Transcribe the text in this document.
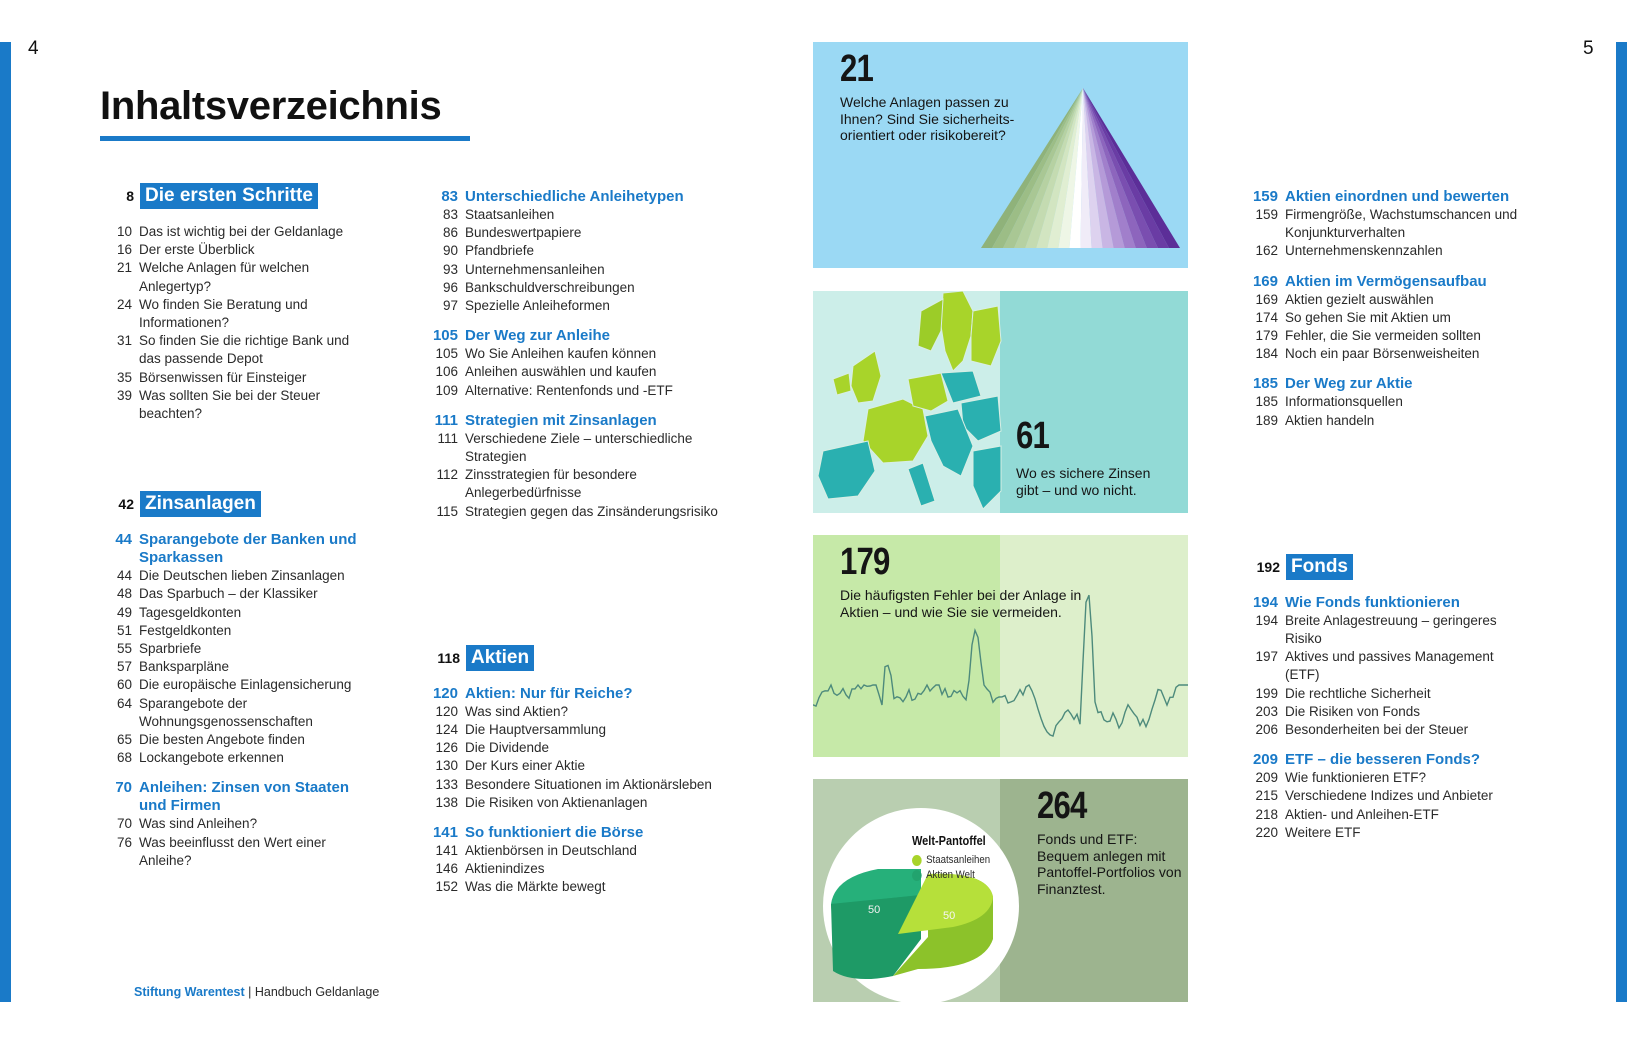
4	5
Inhaltsverzeichnis
8 Die ersten Schritte
10 Das ist wichtig bei der Geldanlage
16 Der erste Überblick
21 Welche Anlagen für welchen Anlegertyp?
24 Wo finden Sie Beratung und Informationen?
31 So finden Sie die richtige Bank und das passende Depot
35 Börsenwissen für Einsteiger
39 Was sollten Sie bei der Steuer beachten?
42 Zinsanlagen
44 Sparangebote der Banken und Sparkassen
44 Die Deutschen lieben Zinsanlagen
48 Das Sparbuch – der Klassiker
49 Tagesgeldkonten
51 Festgeldkonten
55 Sparbriefe
57 Banksparpläne
60 Die europäische Einlagensicherung
64 Sparangebote der Wohnungsgenossenschaften
65 Die besten Angebote finden
68 Lockangebote erkennen
70 Anleihen: Zinsen von Staaten und Firmen
70 Was sind Anleihen?
76 Was beeinflusst den Wert einer Anleihe?
83 Unterschiedliche Anleihetypen
83 Staatsanleihen
86 Bundeswertpapiere
90 Pfandbriefe
93 Unternehmensanleihen
96 Bankschuldverschreibungen
97 Spezielle Anleiheformen
105 Der Weg zur Anleihe
105 Wo Sie Anleihen kaufen können
106 Anleihen auswählen und kaufen
109 Alternative: Rentenfonds und -ETF
111 Strategien mit Zinsanlagen
111 Verschiedene Ziele – unterschiedliche Strategien
112 Zinsstrategien für besondere Anlegerbedürfnisse
115 Strategien gegen das Zinsänderungsrisiko
118 Aktien
120 Aktien: Nur für Reiche?
120 Was sind Aktien?
124 Die Hauptversammlung
126 Die Dividende
130 Der Kurs einer Aktie
133 Besondere Situationen im Aktionärsleben
138 Die Risiken von Aktienanlagen
141 So funktioniert die Börse
141 Aktienbörsen in Deutschland
146 Aktienindizes
152 Was die Märkte bewegt
159 Aktien einordnen und bewerten
159 Firmengröße, Wachstumschancen und Konjunkturverhalten
162 Unternehmenskennzahlen
169 Aktien im Vermögensaufbau
169 Aktien gezielt auswählen
174 So gehen Sie mit Aktien um
179 Fehler, die Sie vermeiden sollten
184 Noch ein paar Börsenweisheiten
185 Der Weg zur Aktie
185 Informationsquellen
189 Aktien handeln
192 Fonds
194 Wie Fonds funktionieren
194 Breite Anlagestreuung – geringeres Risiko
197 Aktives und passives Management (ETF)
199 Die rechtliche Sicherheit
203 Die Risiken von Fonds
206 Besonderheiten bei der Steuer
209 ETF – die besseren Fonds?
209 Wie funktionieren ETF?
215 Verschiedene Indizes und Anbieter
218 Aktien- und Anleihen-ETF
220 Weitere ETF
21
Welche Anlagen passen zu Ihnen? Sind Sie sicherheits-orientiert oder risikobereit?
61
Wo es sichere Zinsen gibt – und wo nicht.
179
Die häufigsten Fehler bei der Anlage in Aktien – und wie Sie sie vermeiden.
Welt-Pantoffel
Staatsanleihen
Aktien Welt
50	50
264
Fonds und ETF: Bequem anlegen mit Pantoffel-Portfolios von Finanztest.
Stiftung Warentest | Handbuch Geldanlage
